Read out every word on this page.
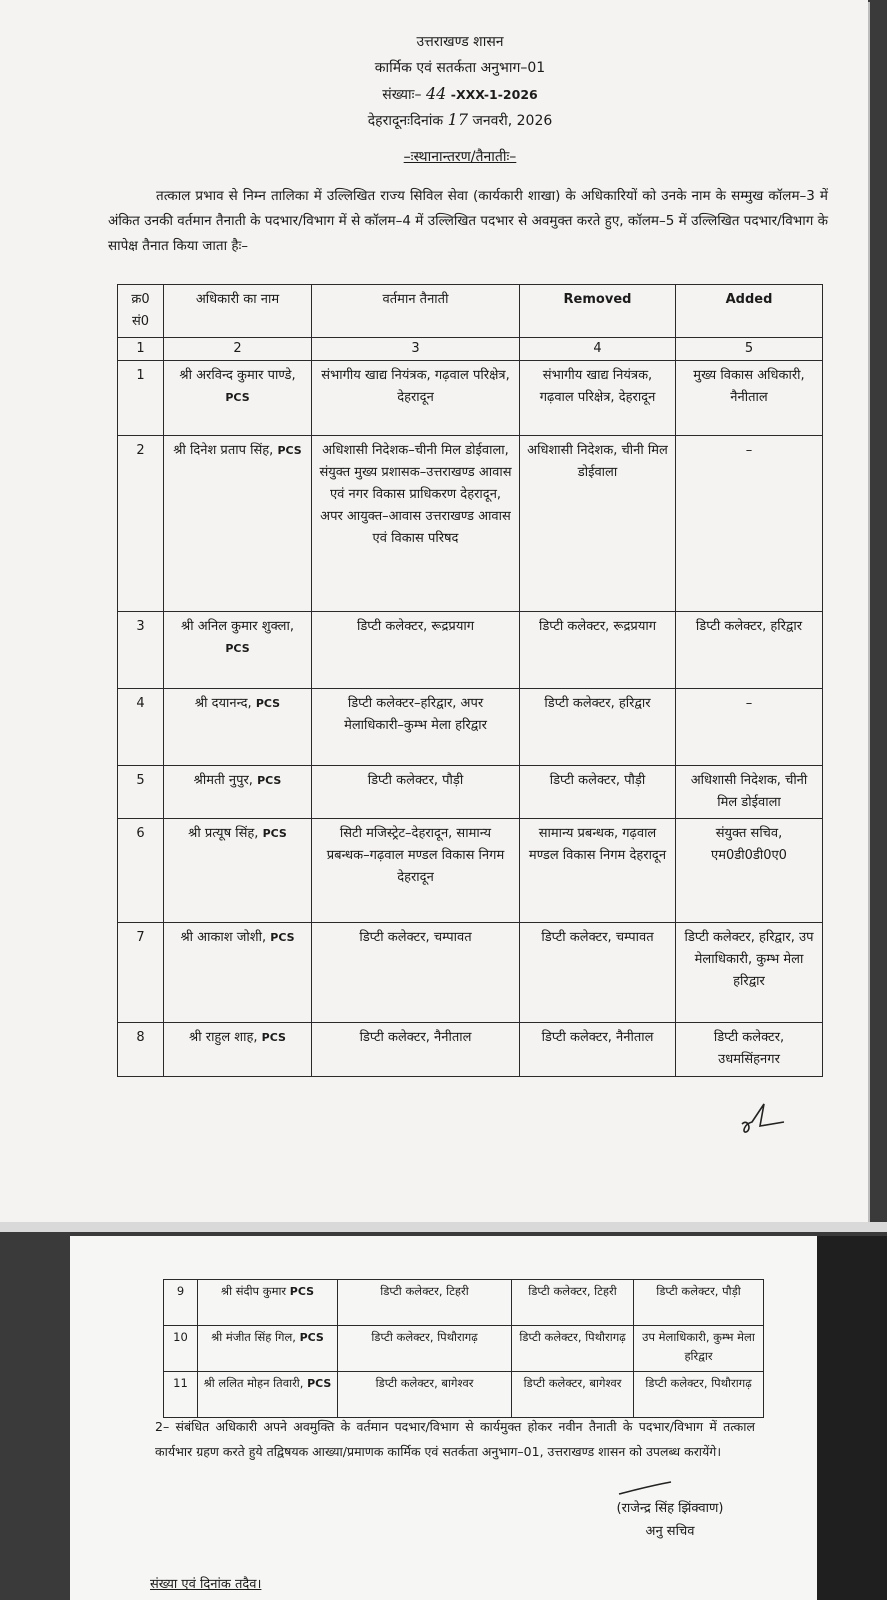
उत्तराखण्ड शासन
कार्मिक एवं सतर्कता अनुभाग–01
संख्याः– 44 -XXX-1-2026
देहरादूनःदिनांक 17 जनवरी, 2026
–ःस्थानान्तरण/तैनातीः–
तत्काल प्रभाव से निम्न तालिका में उल्लिखित राज्य सिविल सेवा (कार्यकारी शाखा) के अधिकारियों को उनके नाम के सम्मुख कॉलम–3 में अंकित उनकी वर्तमान तैनाती के पदभार/विभाग में से कॉलम–4 में उल्लिखित पदभार से अवमुक्त करते हुए, कॉलम–5 में उल्लिखित पदभार/विभाग के सापेक्ष तैनात किया जाता हैः–
क्र0 सं0	अधिकारी का नाम	वर्तमान तैनाती	Removed	Added
1	2	3	4	5
1	श्री अरविन्द कुमार पाण्डे, PCS	संभागीय खाद्य नियंत्रक, गढ़वाल परिक्षेत्र, देहरादून	संभागीय खाद्य नियंत्रक, गढ़वाल परिक्षेत्र, देहरादून	मुख्य विकास अधिकारी, नैनीताल
2	श्री दिनेश प्रताप सिंह, PCS	अधिशासी निदेशक–चीनी मिल डोईवाला, संयुक्त मुख्य प्रशासक–उत्तराखण्ड आवास एवं नगर विकास प्राधिकरण देहरादून, अपर आयुक्त–आवास उत्तराखण्ड आवास एवं विकास परिषद	अधिशासी निदेशक, चीनी मिल डोईवाला	–
3	श्री अनिल कुमार शुक्ला, PCS	डिप्टी कलेक्टर, रूद्रप्रयाग	डिप्टी कलेक्टर, रूद्रप्रयाग	डिप्टी कलेक्टर, हरिद्वार
4	श्री दयानन्द, PCS	डिप्टी कलेक्टर–हरिद्वार, अपर मेलाधिकारी–कुम्भ मेला हरिद्वार	डिप्टी कलेक्टर, हरिद्वार	–
5	श्रीमती नुपुर, PCS	डिप्टी कलेक्टर, पौड़ी	डिप्टी कलेक्टर, पौड़ी	अधिशासी निदेशक, चीनी मिल डोईवाला
6	श्री प्रत्यूष सिंह, PCS	सिटी मजिस्ट्रेट–देहरादून, सामान्य प्रबन्धक–गढ़वाल मण्डल विकास निगम देहरादून	सामान्य प्रबन्धक, गढ़वाल मण्डल विकास निगम देहरादून	संयुक्त सचिव, एम0डी0डी0ए0
7	श्री आकाश जोशी, PCS	डिप्टी कलेक्टर, चम्पावत	डिप्टी कलेक्टर, चम्पावत	डिप्टी कलेक्टर, हरिद्वार, उप मेलाधिकारी, कुम्भ मेला हरिद्वार
8	श्री राहुल शाह, PCS	डिप्टी कलेक्टर, नैनीताल	डिप्टी कलेक्टर, नैनीताल	डिप्टी कलेक्टर, उधमसिंहनगर
9	श्री संदीप कुमार PCS	डिप्टी कलेक्टर, टिहरी	डिप्टी कलेक्टर, टिहरी	डिप्टी कलेक्टर, पौड़ी
10	श्री मंजीत सिंह गिल, PCS	डिप्टी कलेक्टर, पिथौरागढ़	डिप्टी कलेक्टर, पिथौरागढ़	उप मेलाधिकारी, कुम्भ मेला हरिद्वार
11	श्री ललित मोहन तिवारी, PCS	डिप्टी कलेक्टर, बागेश्वर	डिप्टी कलेक्टर, बागेश्वर	डिप्टी कलेक्टर, पिथौरागढ़
2– संबंधित अधिकारी अपने अवमुक्ति के वर्तमान पदभार/विभाग से कार्यमुक्त होकर नवीन तैनाती के पदभार/विभाग में तत्काल कार्यभार ग्रहण करते हुये तद्विषयक आख्या/प्रमाणक कार्मिक एवं सतर्कता अनुभाग–01, उत्तराखण्ड शासन को उपलब्ध करायेंगे।
(राजेन्द्र सिंह झिंक्वाण)
अनु सचिव
संख्या एवं दिनांक तदैव।
